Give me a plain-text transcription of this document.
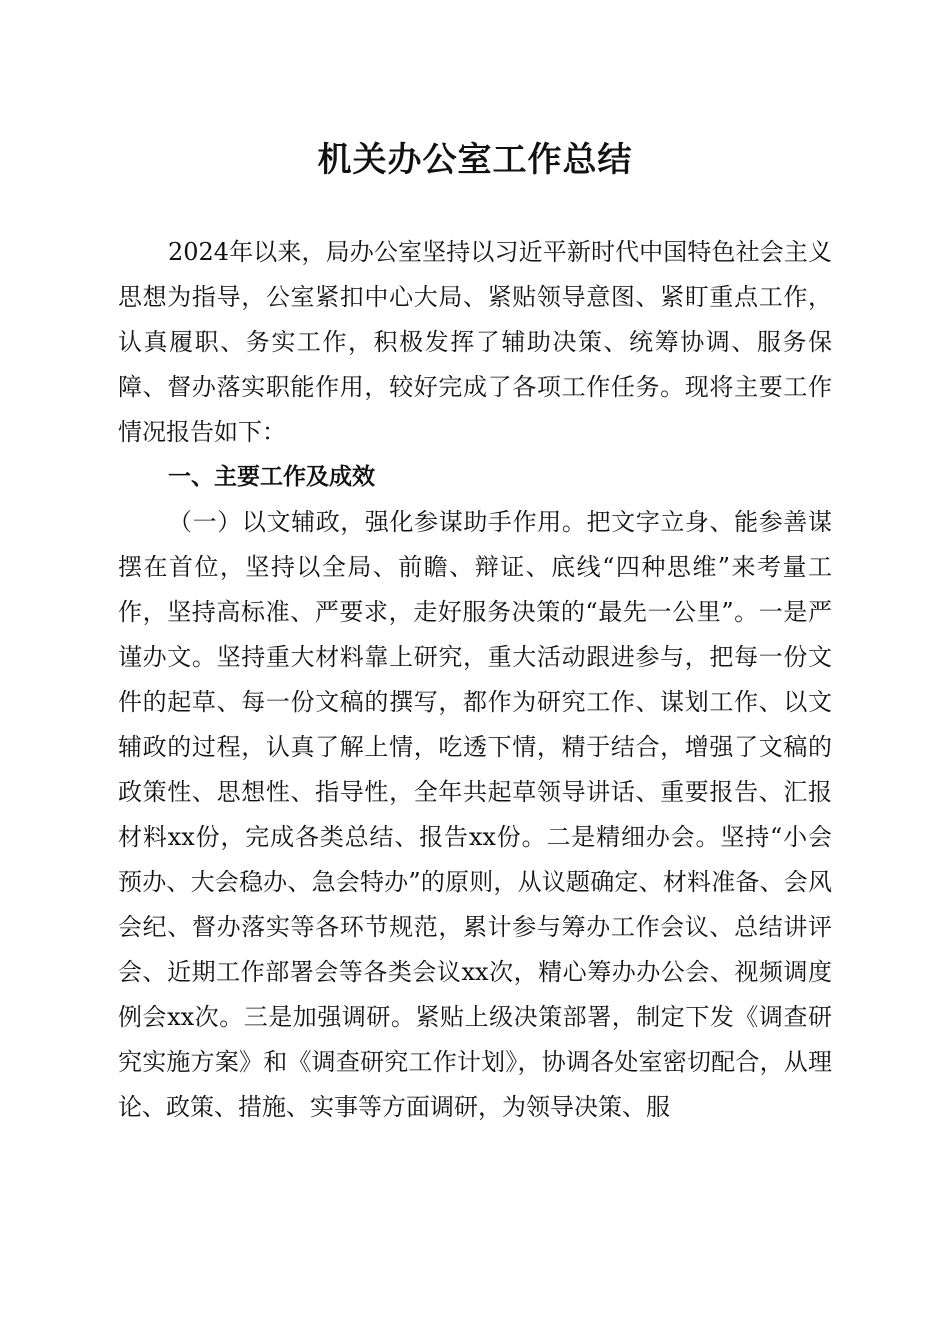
机关办公室工作总结

2024年以来，局办公室坚持以习近平新时代中国特色社会主义思想为指导，公室紧扣中心大局、紧贴领导意图、紧盯重点工作，认真履职、务实工作，积极发挥了辅助决策、统筹协调、服务保障、督办落实职能作用，较好完成了各项工作任务。现将主要工作情况报告如下：

一、主要工作及成效

（一）以文辅政，强化参谋助手作用。把文字立身、能参善谋摆在首位，坚持以全局、前瞻、辩证、底线“四种思维”来考量工作，坚持高标准、严要求，走好服务决策的“最先一公里”。一是严谨办文。坚持重大材料靠上研究，重大活动跟进参与，把每一份文件的起草、每一份文稿的撰写，都作为研究工作、谋划工作、以文辅政的过程，认真了解上情，吃透下情，精于结合，增强了文稿的政策性、思想性、指导性，全年共起草领导讲话、重要报告、汇报材料xx份，完成各类总结、报告xx份。二是精细办会。坚持“小会预办、大会稳办、急会特办”的原则，从议题确定、材料准备、会风会纪、督办落实等各环节规范，累计参与筹办工作会议、总结讲评会、近期工作部署会等各类会议xx次，精心筹办办公会、视频调度例会xx次。三是加强调研。紧贴上级决策部署，制定下发《调查研究实施方案》和《调查研究工作计划》，协调各处室密切配合，从理论、政策、措施、实事等方面调研，为领导决策、服
